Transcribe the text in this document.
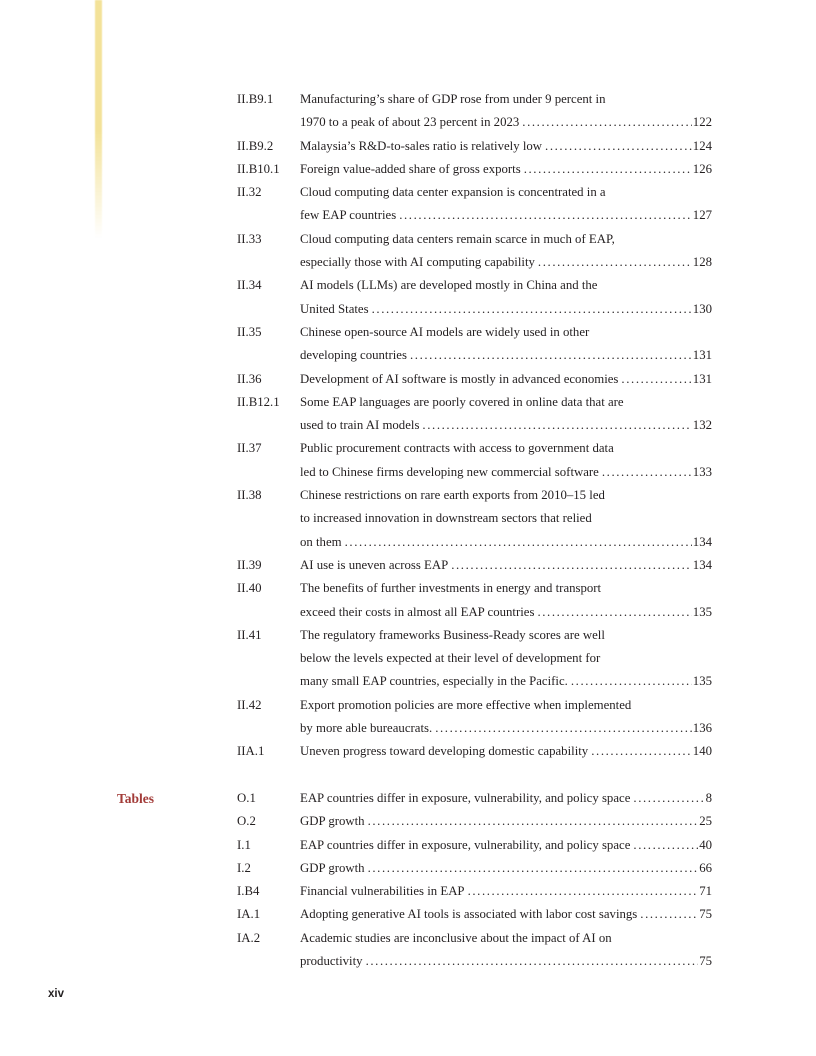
II.B9.1	Manufacturing’s share of GDP rose from under 9 percent in
1970 to a peak of about 23 percent in 2023 .....	122
II.B9.2	Malaysia’s R&D-to-sales ratio is relatively low .....	124
II.B10.1	Foreign value-added share of gross exports .....	126
II.32	Cloud computing data center expansion is concentrated in a
few EAP countries .....	127
II.33	Cloud computing data centers remain scarce in much of EAP,
especially those with AI computing capability .....	128
II.34	AI models (LLMs) are developed mostly in China and the
United States .....	130
II.35	Chinese open-source AI models are widely used in other
developing countries .....	131
II.36	Development of AI software is mostly in advanced economies .....	131
II.B12.1	Some EAP languages are poorly covered in online data that are
used to train AI models .....	132
II.37	Public procurement contracts with access to government data
led to Chinese firms developing new commercial software .....	133
II.38	Chinese restrictions on rare earth exports from 2010–15 led
to increased innovation in downstream sectors that relied
on them .....	134
II.39	AI use is uneven across EAP .....	134
II.40	The benefits of further investments in energy and transport
exceed their costs in almost all EAP countries .....	135
II.41	The regulatory frameworks Business-Ready scores are well
below the levels expected at their level of development for
many small EAP countries, especially in the Pacific. .....	135
II.42	Export promotion policies are more effective when implemented
by more able bureaucrats. .....	136
IIA.1	Uneven progress toward developing domestic capability .....	140
Tables	O.1	EAP countries differ in exposure, vulnerability, and policy space .....	8
O.2	GDP growth .....	25
I.1	EAP countries differ in exposure, vulnerability, and policy space .....	40
I.2	GDP growth .....	66
I.B4	Financial vulnerabilities in EAP .....	71
IA.1	Adopting generative AI tools is associated with labor cost savings .....	75
IA.2	Academic studies are inconclusive about the impact of AI on
productivity .....	75
xiv
